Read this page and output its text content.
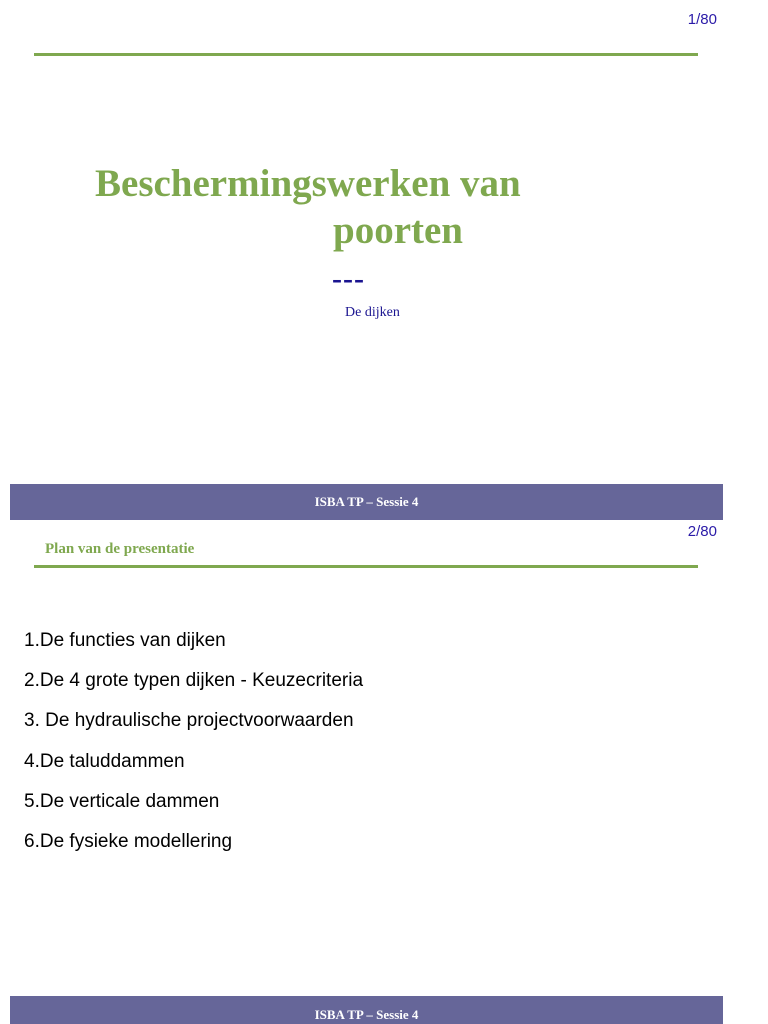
1/80
Beschermingswerken van
poorten
---
De dijken
ISBA TP – Sessie 4
2/80
Plan van de presentatie
1.De functies van dijken
2.De 4 grote typen dijken - Keuzecriteria
3. De hydraulische projectvoorwaarden
4.De taluddammen
5.De verticale dammen
6.De fysieke modellering
ISBA TP – Sessie 4
